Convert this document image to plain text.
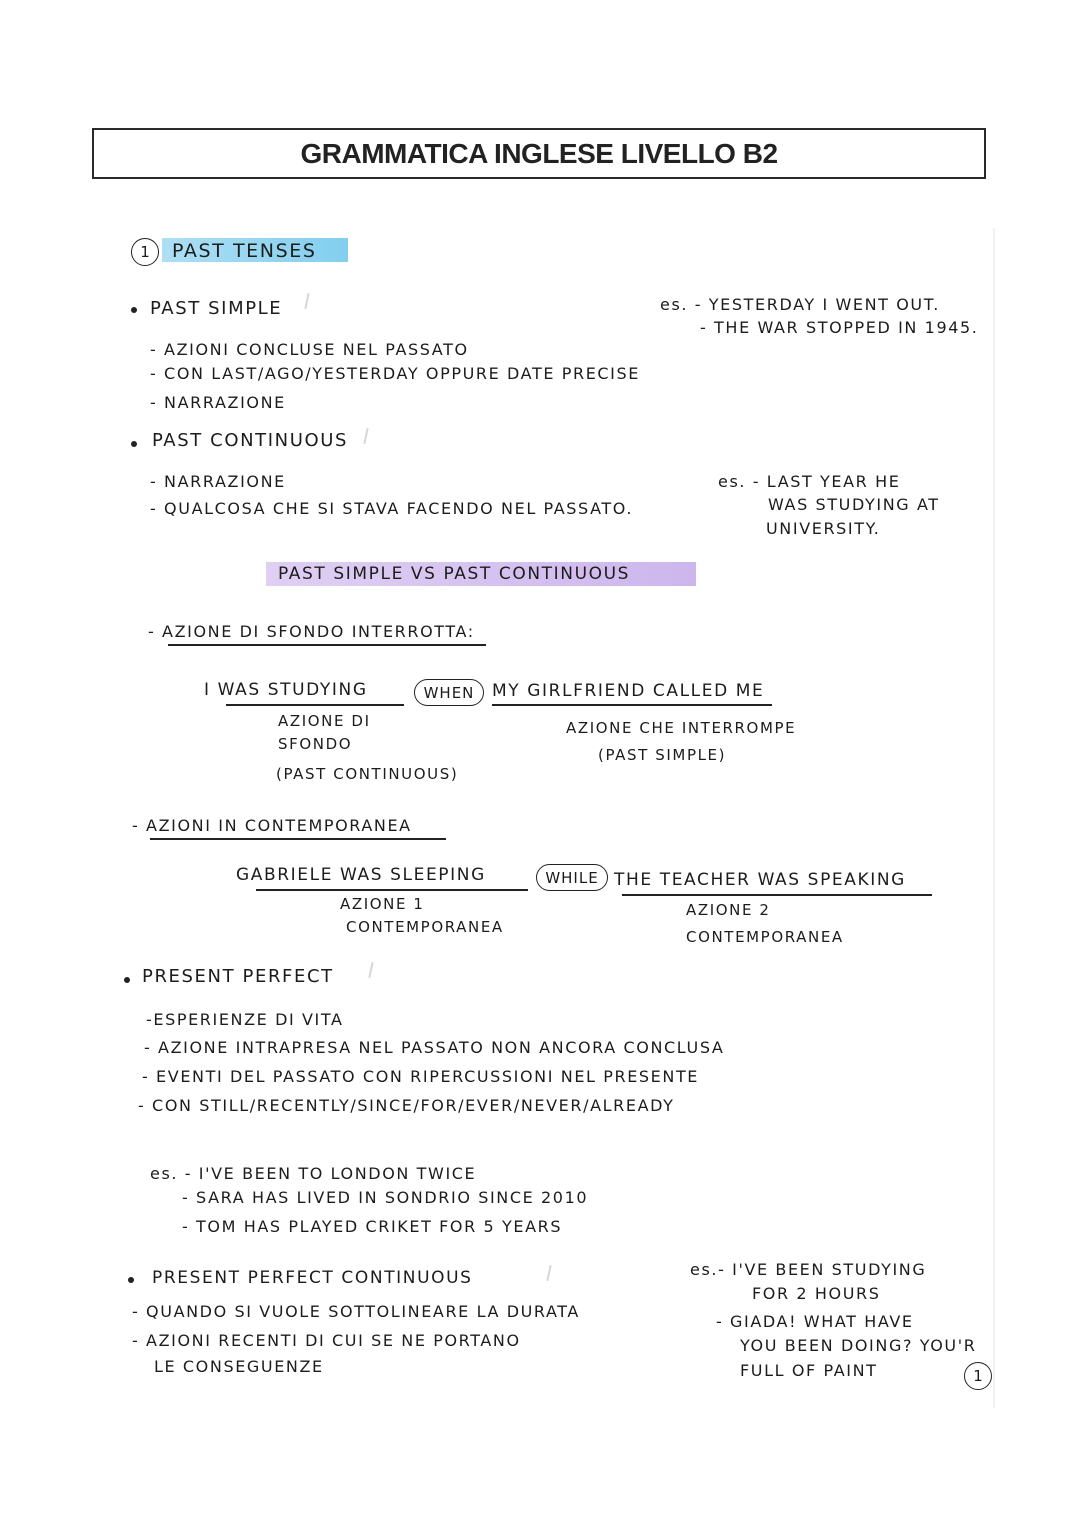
GRAMMATICA INGLESE LIVELLO B2
1 PAST TENSES
PAST SIMPLE
- AZIONI CONCLUSE NEL PASSATO
- CON LAST/AGO/YESTERDAY OPPURE DATE PRECISE
- NARRAZIONE
es. - YESTERDAY I WENT OUT.
- THE WAR STOPPED IN 1945.
PAST CONTINUOUS
- NARRAZIONE
- QUALCOSA CHE SI STAVA FACENDO NEL PASSATO.
es. - LAST YEAR HE
WAS STUDYING AT
UNIVERSITY.
PAST SIMPLE VS PAST CONTINUOUS
- AZIONE DI SFONDO INTERROTTA:
I WAS STUDYING	WHEN MY GIRLFRIEND CALLED ME
AZIONE DI
SFONDO
(PAST CONTINUOUS)
AZIONE CHE INTERROMPE
(PAST SIMPLE)
- AZIONI IN CONTEMPORANEA
GABRIELE WAS SLEEPING	WHILE THE TEACHER WAS SPEAKING
AZIONE 1
CONTEMPORANEA
AZIONE 2
CONTEMPORANEA
PRESENT PERFECT
-ESPERIENZE DI VITA
- AZIONE INTRAPRESA NEL PASSATO NON ANCORA CONCLUSA
- EVENTI DEL PASSATO CON RIPERCUSSIONI NEL PRESENTE
- CON STILL/RECENTLY/SINCE/FOR/EVER/NEVER/ALREADY
es. - I'VE BEEN TO LONDON TWICE
- SARA HAS LIVED IN SONDRIO SINCE 2010
- TOM HAS PLAYED CRIKET FOR 5 YEARS
PRESENT PERFECT CONTINUOUS
- QUANDO SI VUOLE SOTTOLINEARE LA DURATA
- AZIONI RECENTI DI CUI SE NE PORTANO
LE CONSEGUENZE
es.- I'VE BEEN STUDYING
FOR 2 HOURS
- GIADA! WHAT HAVE
YOU BEEN DOING? YOU'R
FULL OF PAINT	1
